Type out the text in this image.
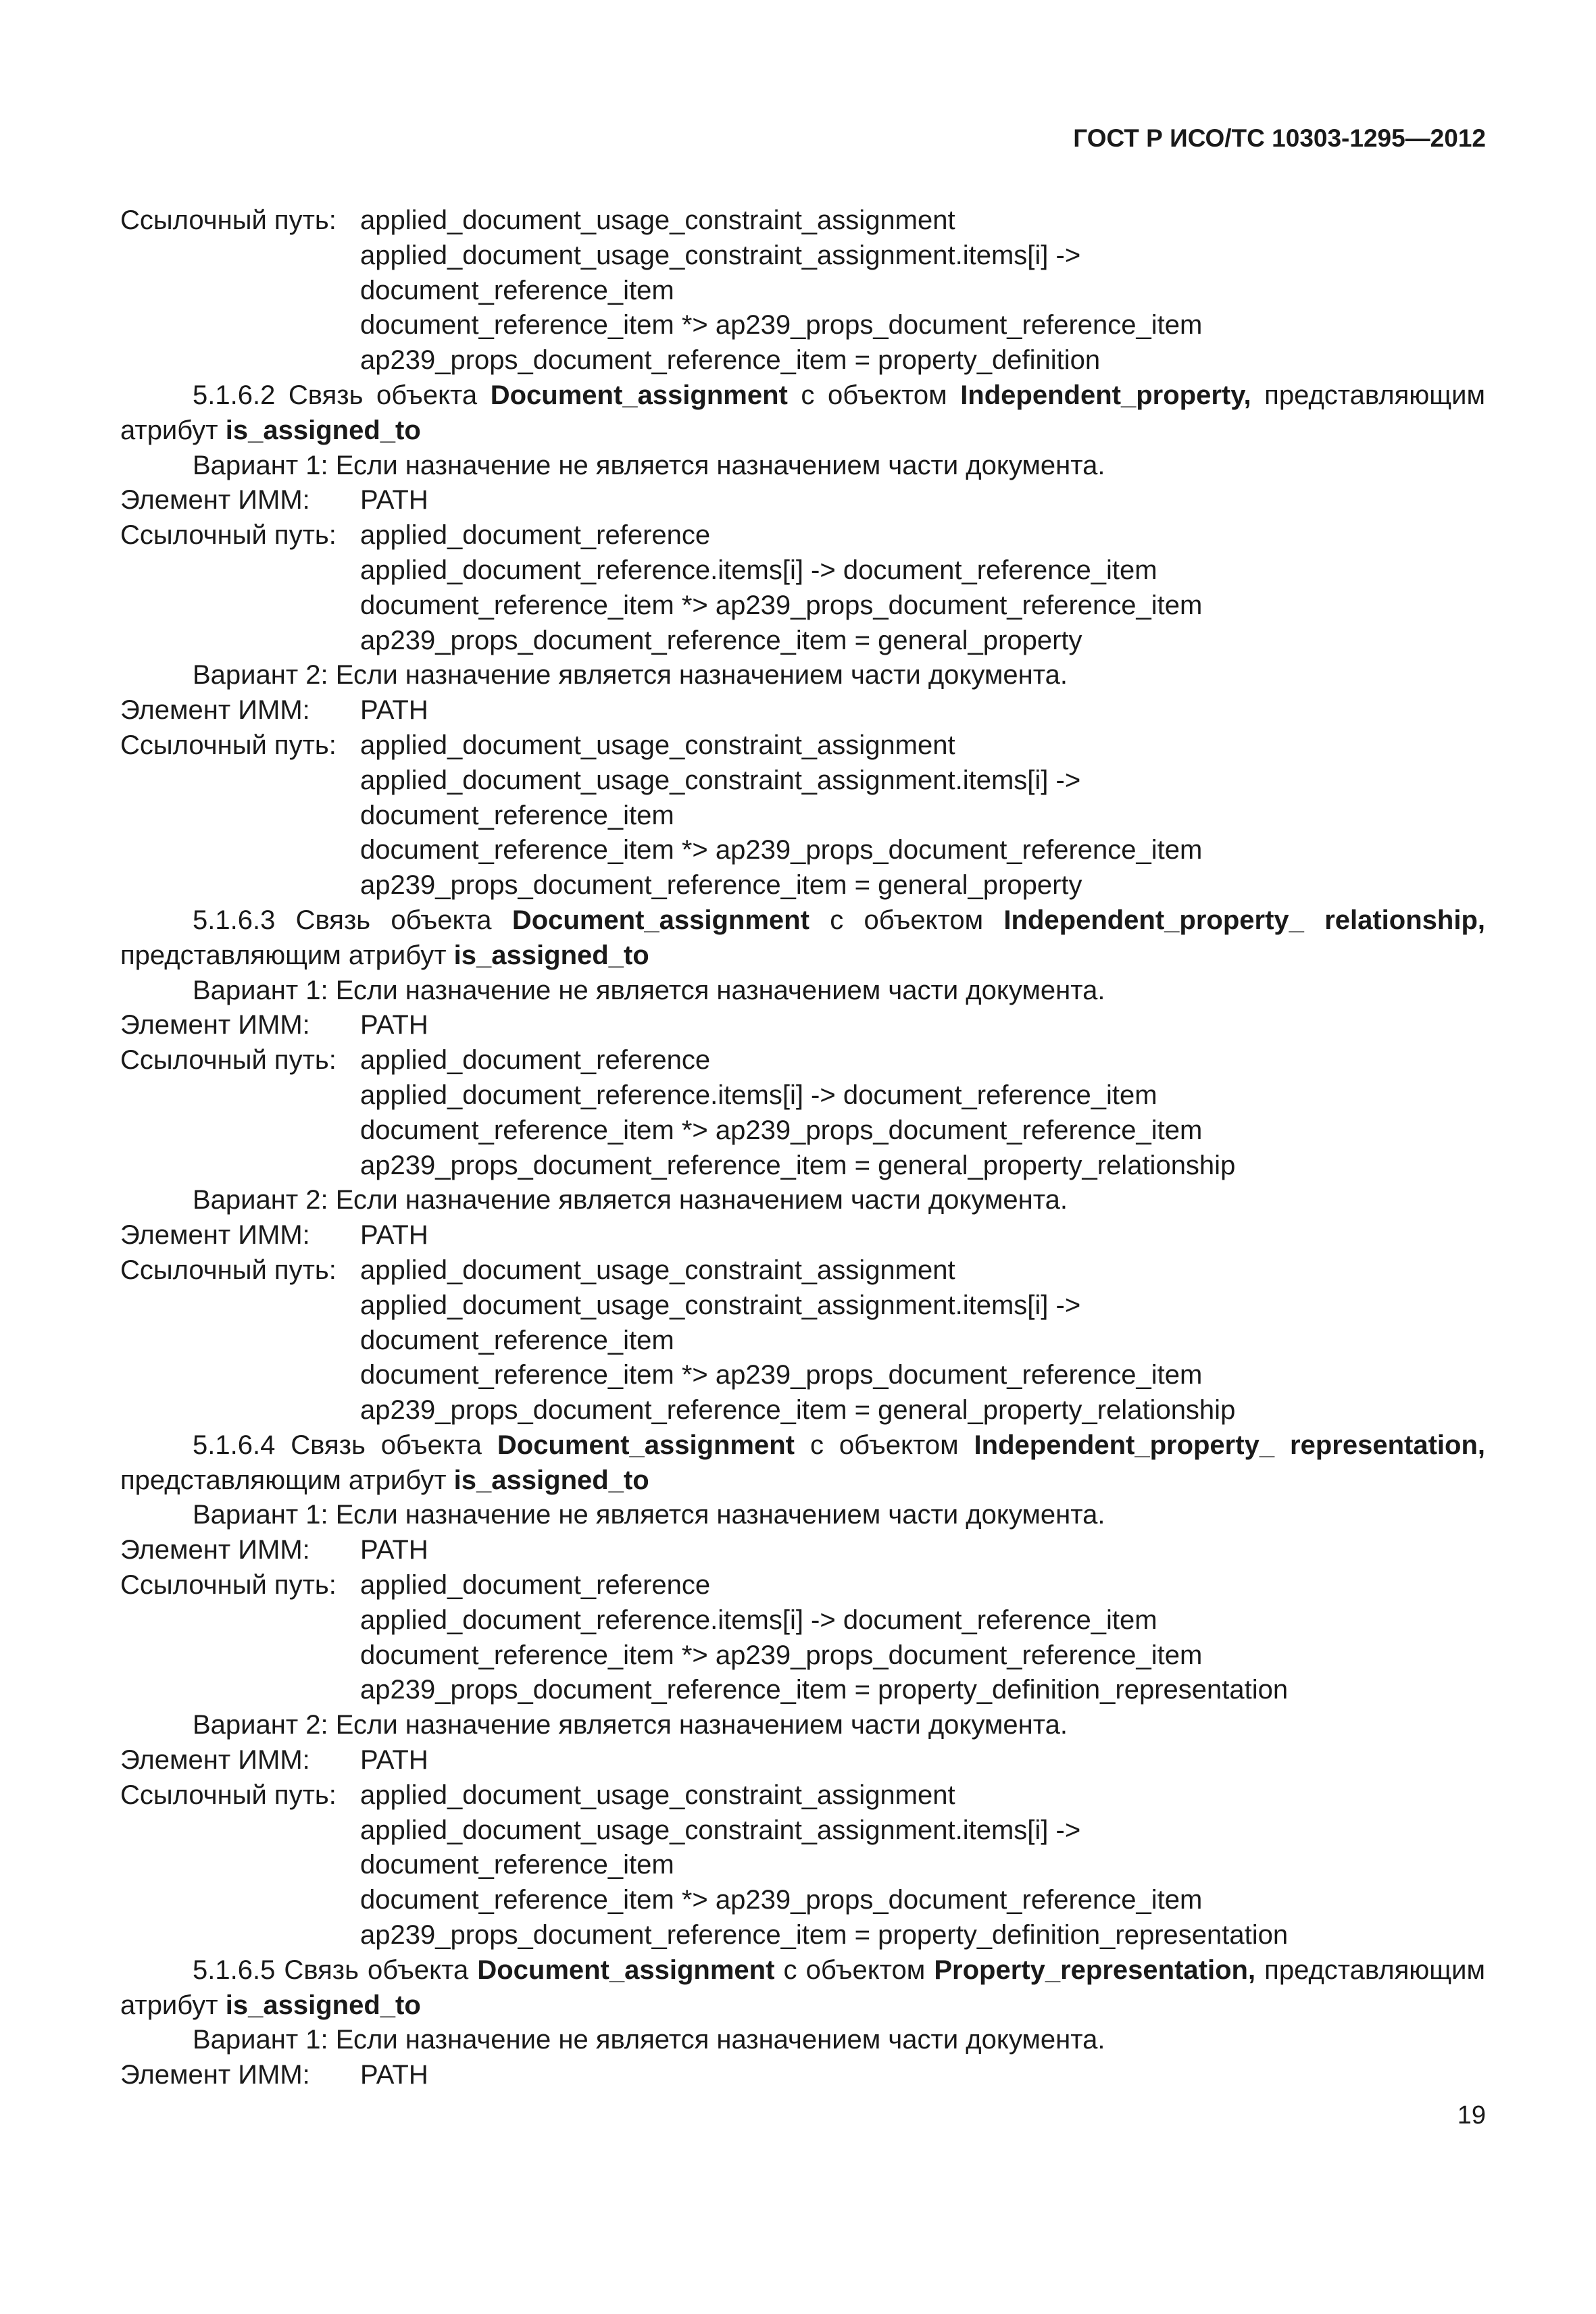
ГОСТ Р ИСО/ТС 10303-1295—2012
Ссылочный путь: applied_document_usage_constraint_assignment
applied_document_usage_constraint_assignment.items[i] ->
document_reference_item
document_reference_item *> ap239_props_document_reference_item
ap239_props_document_reference_item = property_definition
5.1.6.2 Связь объекта Document_assignment с объектом Independent_property, представляющим атрибут is_assigned_to
Вариант 1: Если назначение не является назначением части документа.
Элемент ИММ:	PATH
Ссылочный путь: applied_document_reference
applied_document_reference.items[i] -> document_reference_item
document_reference_item *> ap239_props_document_reference_item
ap239_props_document_reference_item = general_property
Вариант 2: Если назначение является назначением части документа.
Элемент ИММ:	PATH
Ссылочный путь: applied_document_usage_constraint_assignment
applied_document_usage_constraint_assignment.items[i] ->
document_reference_item
document_reference_item *> ap239_props_document_reference_item
ap239_props_document_reference_item = general_property
5.1.6.3 Связь объекта Document_assignment с объектом Independent_property_ relationship, представляющим атрибут is_assigned_to
Вариант 1: Если назначение не является назначением части документа.
Элемент ИММ:	PATH
Ссылочный путь: applied_document_reference
applied_document_reference.items[i] -> document_reference_item
document_reference_item *> ap239_props_document_reference_item
ap239_props_document_reference_item = general_property_relationship
Вариант 2: Если назначение является назначением части документа.
Элемент ИММ:	PATH
Ссылочный путь: applied_document_usage_constraint_assignment
applied_document_usage_constraint_assignment.items[i] ->
document_reference_item
document_reference_item *> ap239_props_document_reference_item
ap239_props_document_reference_item = general_property_relationship
5.1.6.4 Связь объекта Document_assignment с объектом Independent_property_ representation, представляющим атрибут is_assigned_to
Вариант 1: Если назначение не является назначением части документа.
Элемент ИММ:	PATH
Ссылочный путь: applied_document_reference
applied_document_reference.items[i] -> document_reference_item
document_reference_item *> ap239_props_document_reference_item
ap239_props_document_reference_item = property_definition_representation
Вариант 2: Если назначение является назначением части документа.
Элемент ИММ:	PATH
Ссылочный путь: applied_document_usage_constraint_assignment
applied_document_usage_constraint_assignment.items[i] ->
document_reference_item
document_reference_item *> ap239_props_document_reference_item
ap239_props_document_reference_item = property_definition_representation
5.1.6.5 Связь объекта Document_assignment с объектом Property_representation, представляющим атрибут is_assigned_to
Вариант 1: Если назначение не является назначением части документа.
Элемент ИММ:	PATH
19
